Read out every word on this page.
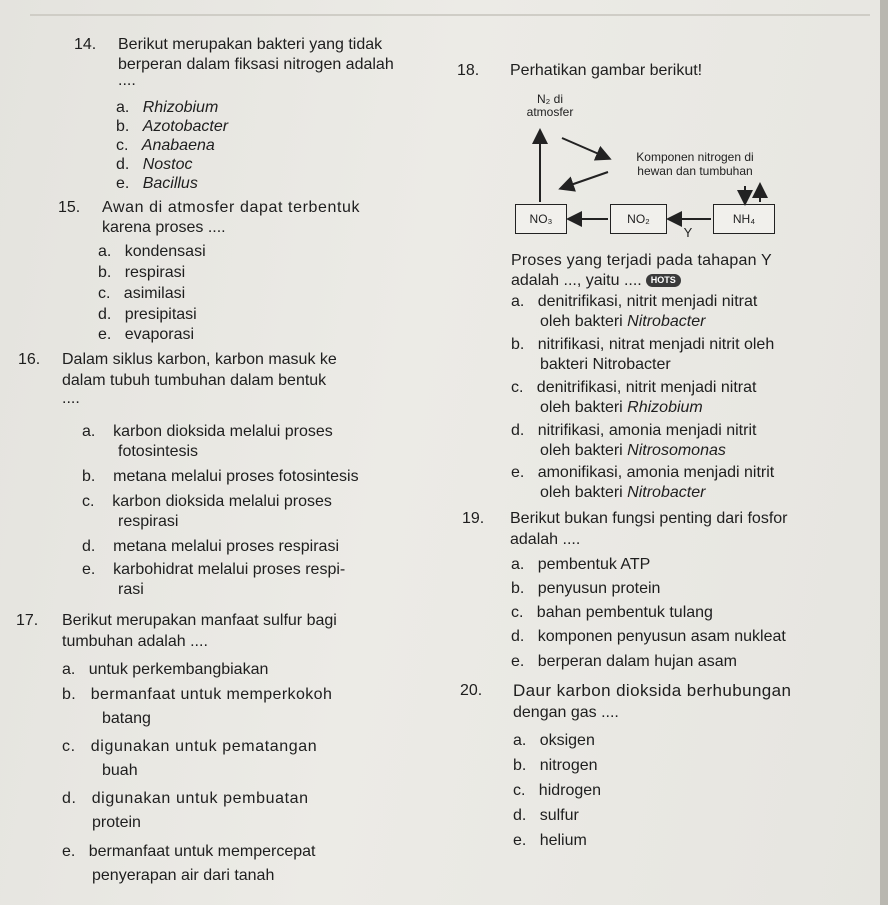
14. Berikut merupakan bakteri yang tidak
berperan dalam fiksasi nitrogen adalah
....
a. Rhizobium
b. Azotobacter
c. Anabaena
d. Nostoc
e. Bacillus
15. Awan di atmosfer dapat terbentuk
karena proses ....
a. kondensasi
b. respirasi
c. asimilasi
d. presipitasi
e. evaporasi
16. Dalam siklus karbon, karbon masuk ke
dalam tubuh tumbuhan dalam bentuk
....
a. karbon dioksida melalui proses
fotosintesis
b. metana melalui proses fotosintesis
c. karbon dioksida melalui proses
respirasi
d. metana melalui proses respirasi
e. karbohidrat melalui proses respi-
rasi
17. Berikut merupakan manfaat sulfur bagi
tumbuhan adalah ....
a. untuk perkembangbiakan
b. bermanfaat untuk memperkokoh
batang
c. digunakan untuk pematangan
buah
d. digunakan untuk pembuatan
protein
e. bermanfaat untuk mempercepat
penyerapan air dari tanah
18. Perhatikan gambar berikut!
N₂ di
atmosfer
Komponen nitrogen di
hewan dan tumbuhan
NO₃	NO₂	NH₄
Y
Proses yang terjadi pada tahapan Y
adalah ..., yaitu .... HOTS
a. denitrifikasi, nitrit menjadi nitrat
oleh bakteri Nitrobacter
b. nitrifikasi, nitrat menjadi nitrit oleh
bakteri Nitrobacter
c. denitrifikasi, nitrit menjadi nitrat
oleh bakteri Rhizobium
d. nitrifikasi, amonia menjadi nitrit
oleh bakteri Nitrosomonas
e. amonifikasi, amonia menjadi nitrit
oleh bakteri Nitrobacter
19. Berikut bukan fungsi penting dari fosfor
adalah ....
a. pembentuk ATP
b. penyusun protein
c. bahan pembentuk tulang
d. komponen penyusun asam nukleat
e. berperan dalam hujan asam
20. Daur karbon dioksida berhubungan
dengan gas ....
a. oksigen
b. nitrogen
c. hidrogen
d. sulfur
e. helium
